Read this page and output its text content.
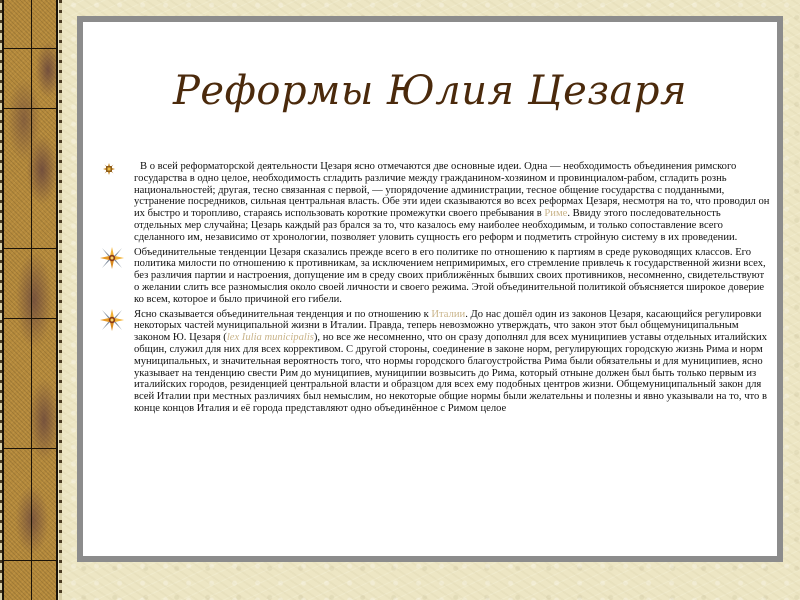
Реформы Юлия Цезаря
В о всей реформаторской деятельности Цезаря ясно отмечаются две основные идеи. Одна — необходимость объединения римского государства в одно целое, необходимость сгладить различие между гражданином-хозяином и провинциалом-рабом, сгладить рознь национальностей; другая, тесно связанная с первой, — упорядочение администрации, тесное общение государства с подданными, устранение посредников, сильная центральная власть. Обе эти идеи сказываются во всех реформах Цезаря, несмотря на то, что проводил он их быстро и торопливо, стараясь использовать короткие промежутки своего пребывания в Риме. Ввиду этого последовательность отдельных мер случайна; Цезарь каждый раз брался за то, что казалось ему наиболее необходимым, и только сопоставление всего сделанного им, независимо от хронологии, позволяет уловить сущность его реформ и подметить стройную систему в их проведении.
Объединительные тенденции Цезаря сказались прежде всего в его политике по отношению к партиям в среде руководящих классов. Его политика милости по отношению к противникам, за исключением непримиримых, его стремление привлечь к государственной жизни всех, без различия партии и настроения, допущение им в среду своих приближённых бывших своих противников, несомненно, свидетельствуют о желании слить все разномыслия около своей личности и своего режима. Этой объединительной политикой объясняется широкое доверие ко всем, которое и было причиной его гибели.
Ясно сказывается объединительная тенденция и по отношению к Италии. До нас дошёл один из законов Цезаря, касающийся регулировки некоторых частей муниципальной жизни в Италии. Правда, теперь невозможно утверждать, что закон этот был общемуниципальным законом Ю. Цезаря (lex Iulia municipalis), но все же несомненно, что он сразу дополнял для всех муниципиев уставы отдельных италийских общин, служил для них для всех коррективом. С другой стороны, соединение в законе норм, регулирующих городскую жизнь Рима и норм муниципальных, и значительная вероятность того, что нормы городского благоустройства Рима были обязательны и для муниципиев, ясно указывает на тенденцию свести Рим до муниципиев, муниципии возвысить до Рима, который отныне должен был быть только первым из италийских городов, резиденцией центральной власти и образцом для всех ему подобных центров жизни. Общемуниципальный закон для всей Италии при местных различиях был немыслим, но некоторые общие нормы были желательны и полезны и явно указывали на то, что в конце концов Италия и её города представляют одно объединённое с Римом целое
